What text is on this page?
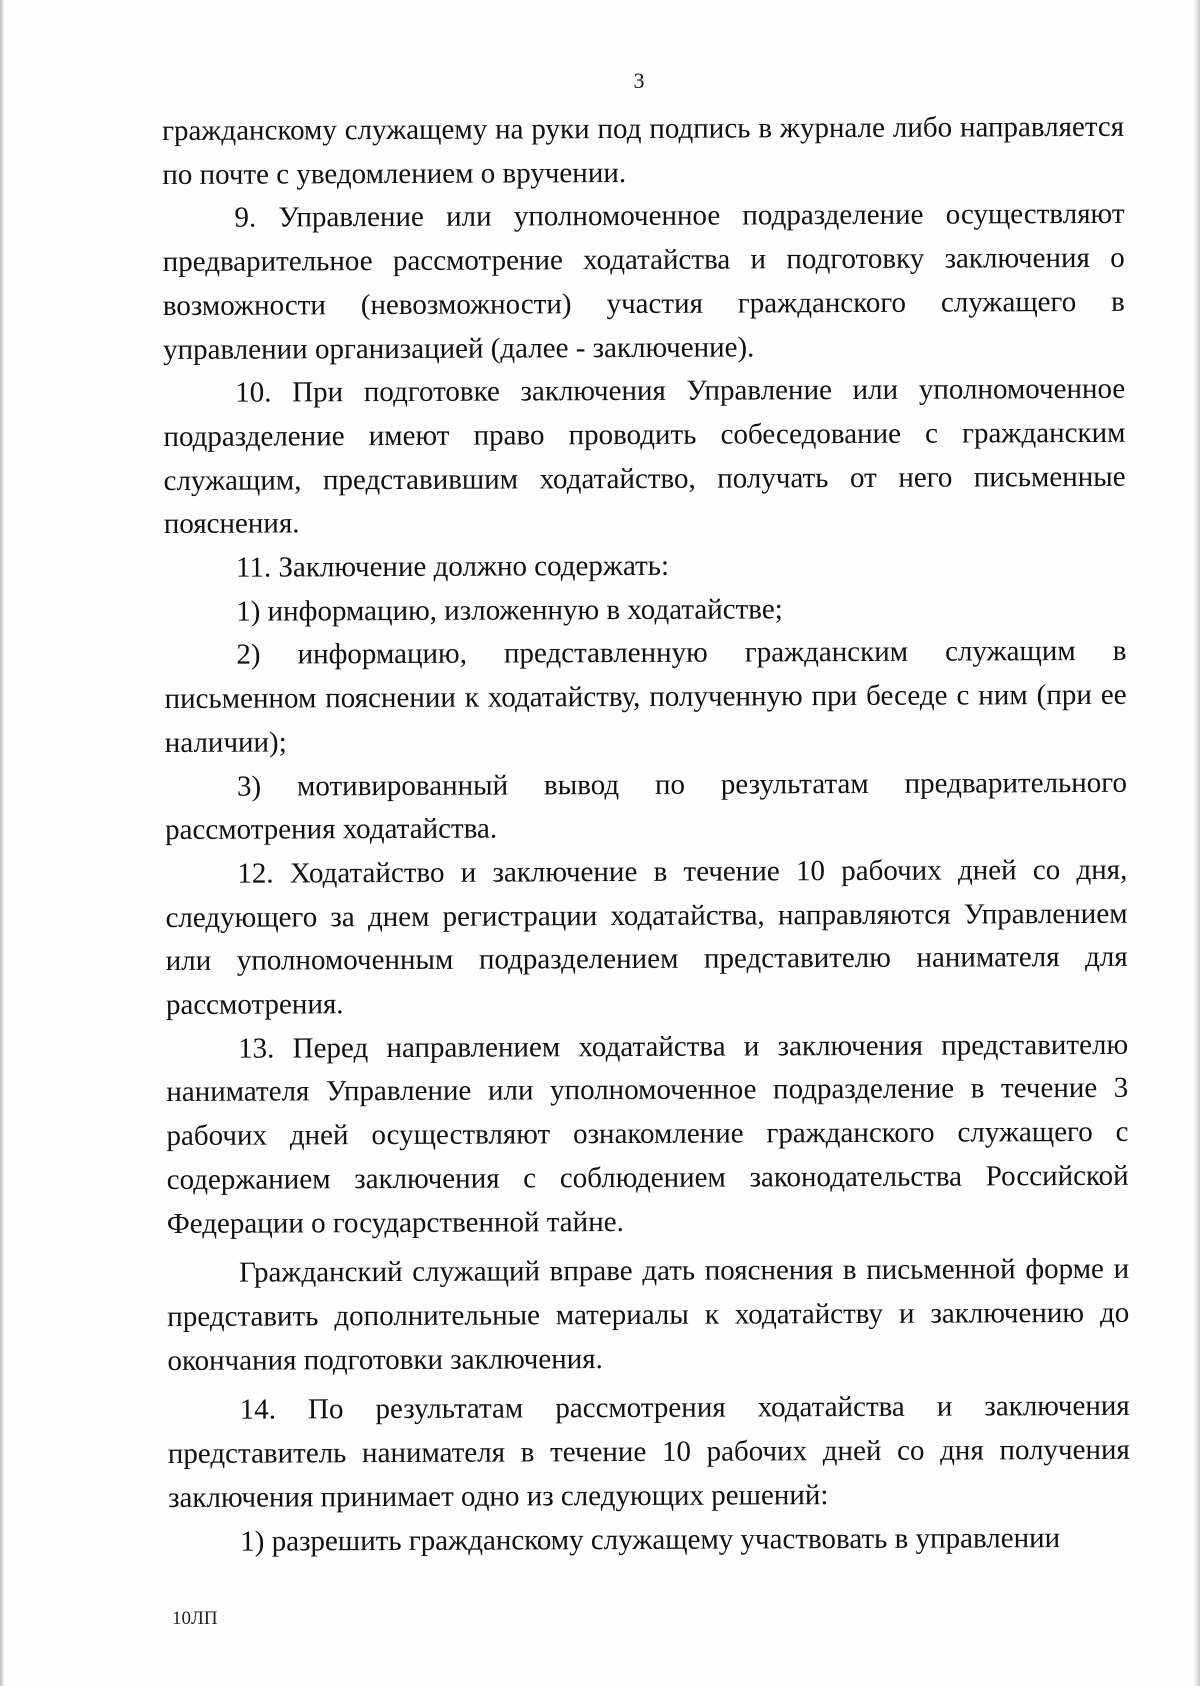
3

гражданскому служащему на руки под подпись в журнале либо направляется по почте с уведомлением о вручении.

9. Управление или уполномоченное подразделение осуществляют предварительное рассмотрение ходатайства и подготовку заключения о возможности (невозможности) участия гражданского служащего в управлении организацией (далее - заключение).

10. При подготовке заключения Управление или уполномоченное подразделение имеют право проводить собеседование с гражданским служащим, представившим ходатайство, получать от него письменные пояснения.

11. Заключение должно содержать:

1) информацию, изложенную в ходатайстве;

2) информацию, представленную гражданским служащим в письменном пояснении к ходатайству, полученную при беседе с ним (при ее наличии);

3) мотивированный вывод по результатам предварительного рассмотрения ходатайства.

12. Ходатайство и заключение в течение 10 рабочих дней со дня, следующего за днем регистрации ходатайства, направляются Управлением или уполномоченным подразделением представителю нанимателя для рассмотрения.

13. Перед направлением ходатайства и заключения представителю нанимателя Управление или уполномоченное подразделение в течение 3 рабочих дней осуществляют ознакомление гражданского служащего с содержанием заключения с соблюдением законодательства Российской Федерации о государственной тайне.

Гражданский служащий вправе дать пояснения в письменной форме и представить дополнительные материалы к ходатайству и заключению до окончания подготовки заключения.

14. По результатам рассмотрения ходатайства и заключения представитель нанимателя в течение 10 рабочих дней со дня получения заключения принимает одно из следующих решений:

1) разрешить гражданскому служащему участвовать в управлении

10ЛП
